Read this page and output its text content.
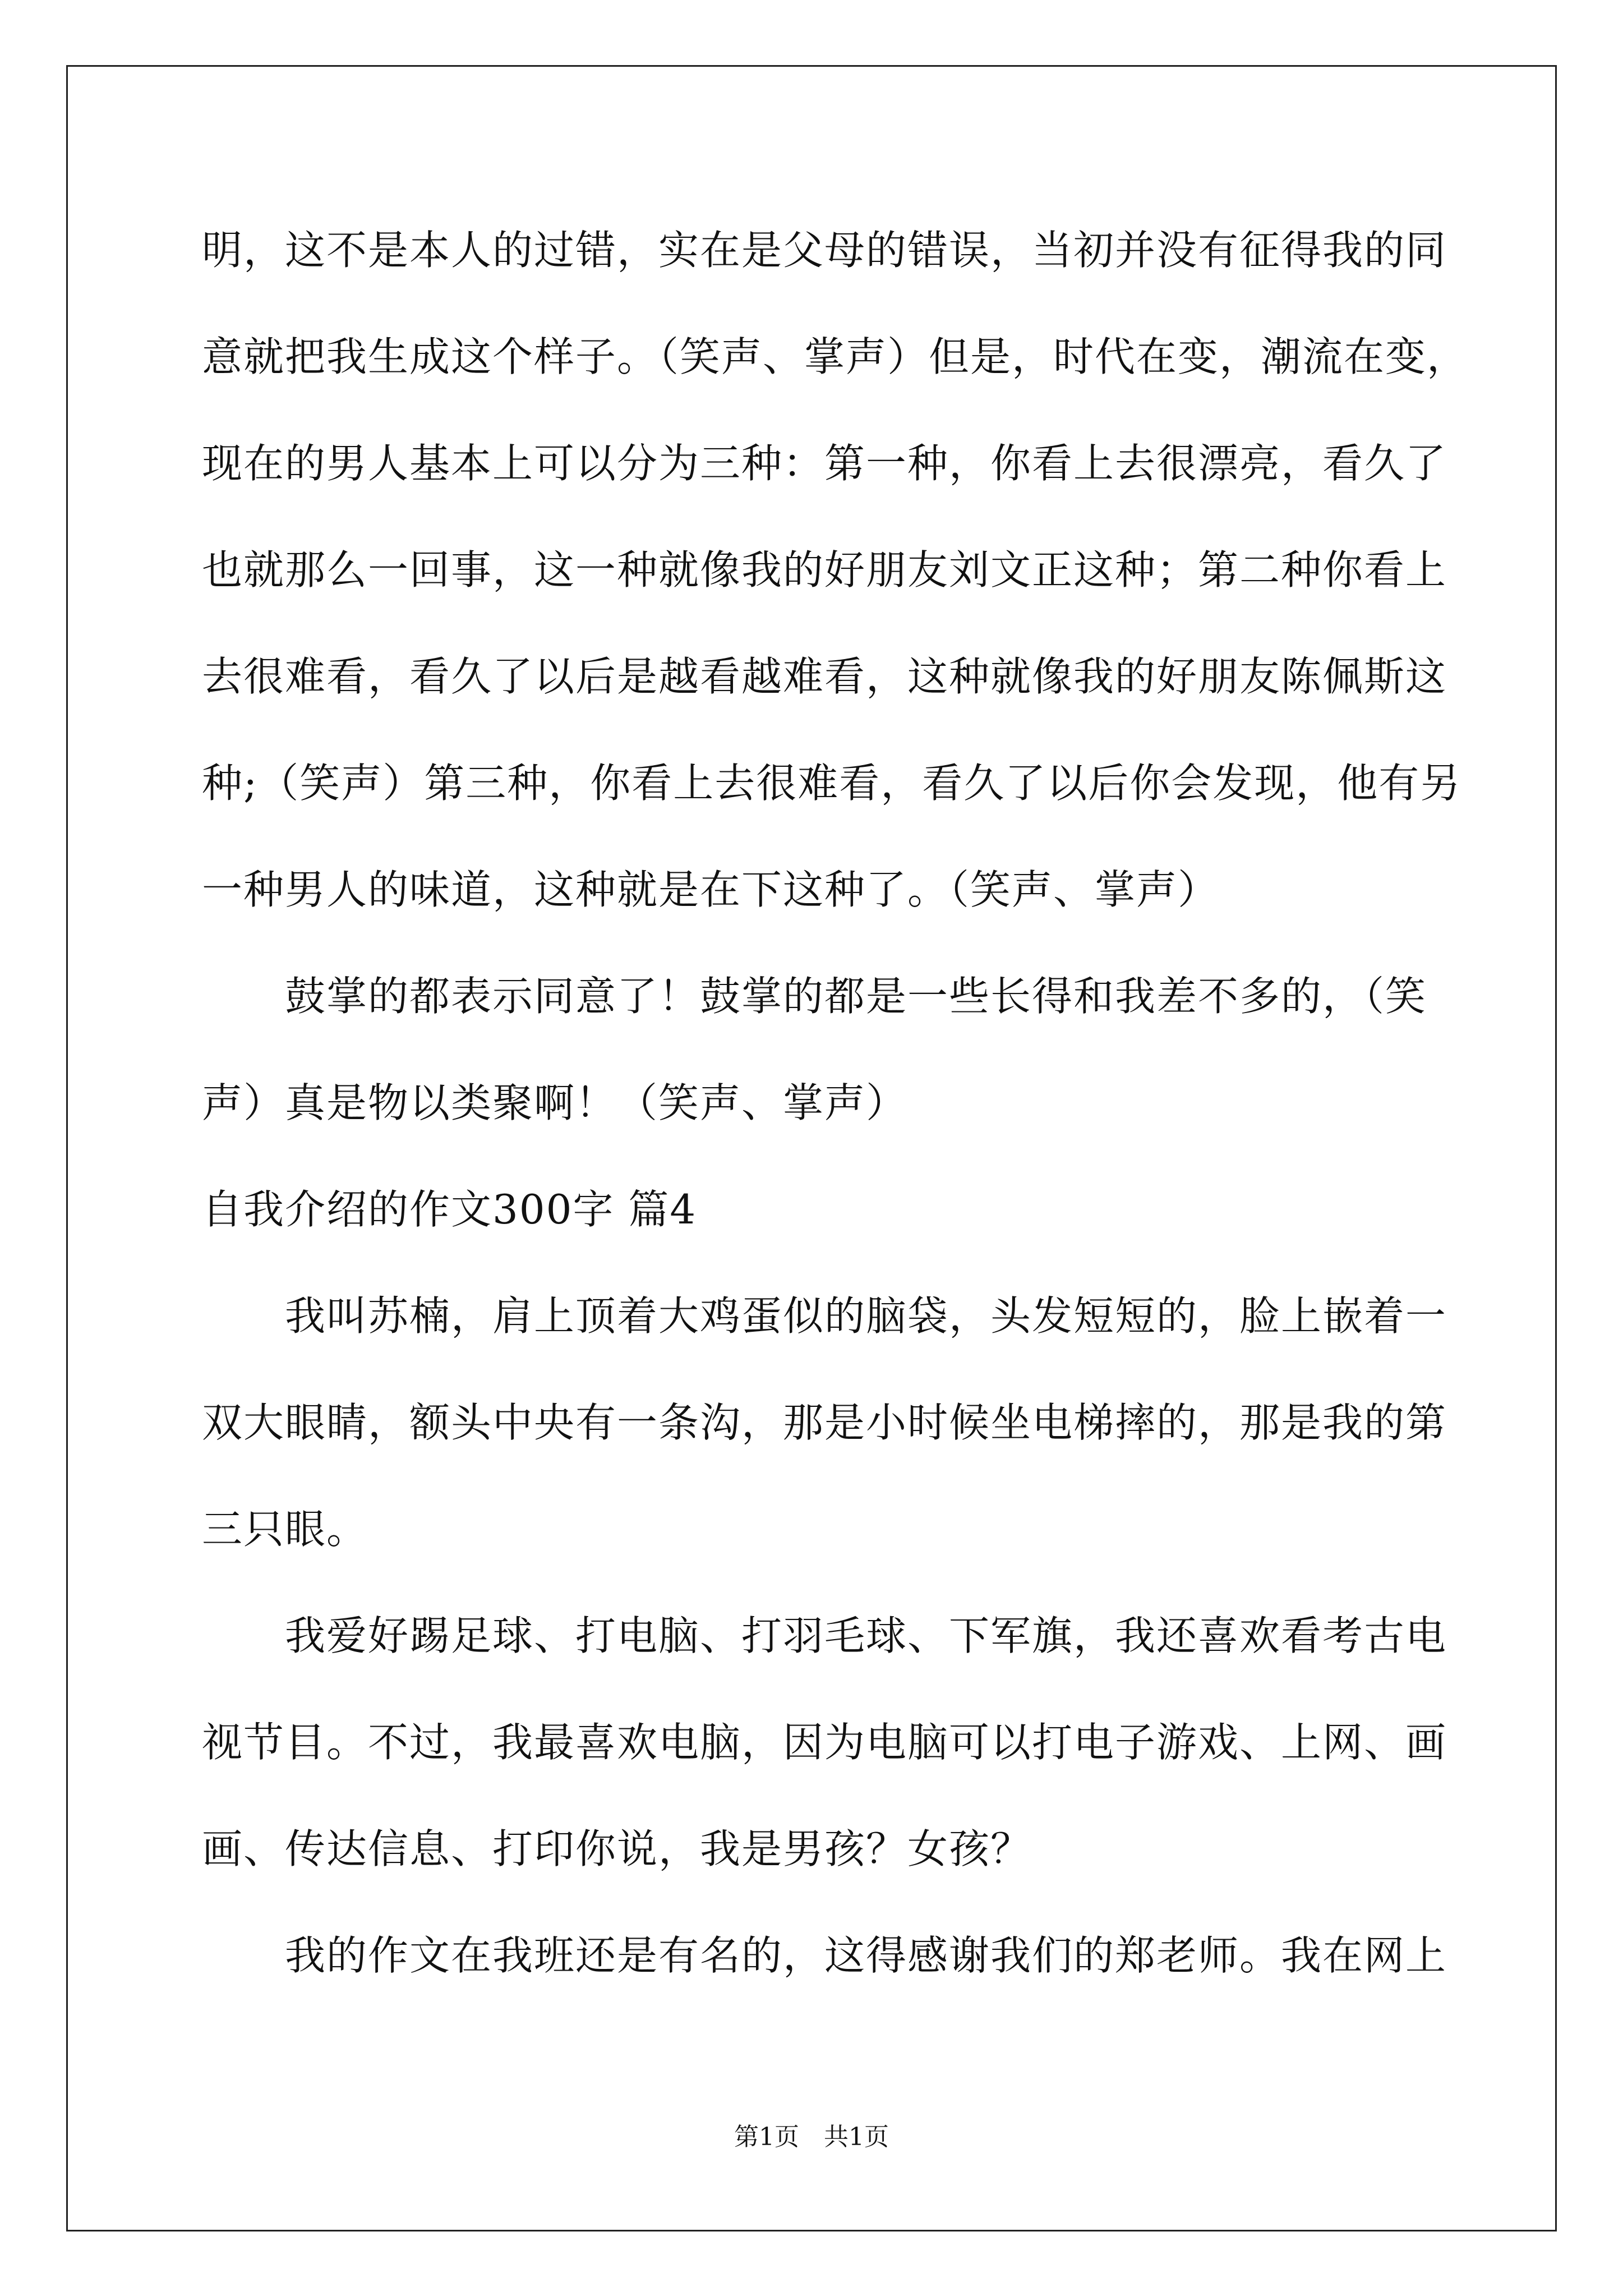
明，这不是本人的过错，实在是父母的错误，当初并没有征得我的同
意就把我生成这个样子。（笑声、掌声）但是，时代在变，潮流在变，
现在的男人基本上可以分为三种：第一种，你看上去很漂亮，看久了
也就那么一回事，这一种就像我的好朋友刘文正这种；第二种你看上
去很难看，看久了以后是越看越难看，这种就像我的好朋友陈佩斯这
种;（笑声）第三种，你看上去很难看，看久了以后你会发现，他有另
一种男人的味道，这种就是在下这种了。（笑声、掌声）
鼓掌的都表示同意了！鼓掌的都是一些长得和我差不多的，（笑
声）真是物以类聚啊！（笑声、掌声）
自我介绍的作文300字 篇4
我叫苏楠，肩上顶着大鸡蛋似的脑袋，头发短短的，脸上嵌着一
双大眼睛，额头中央有一条沟，那是小时候坐电梯摔的，那是我的第
三只眼。
我爱好踢足球、打电脑、打羽毛球、下军旗，我还喜欢看考古电
视节目。不过，我最喜欢电脑，因为电脑可以打电子游戏、上网、画
画、传达信息、打印你说，我是男孩？女孩？
我的作文在我班还是有名的，这得感谢我们的郑老师。我在网上
第1页　共1页
